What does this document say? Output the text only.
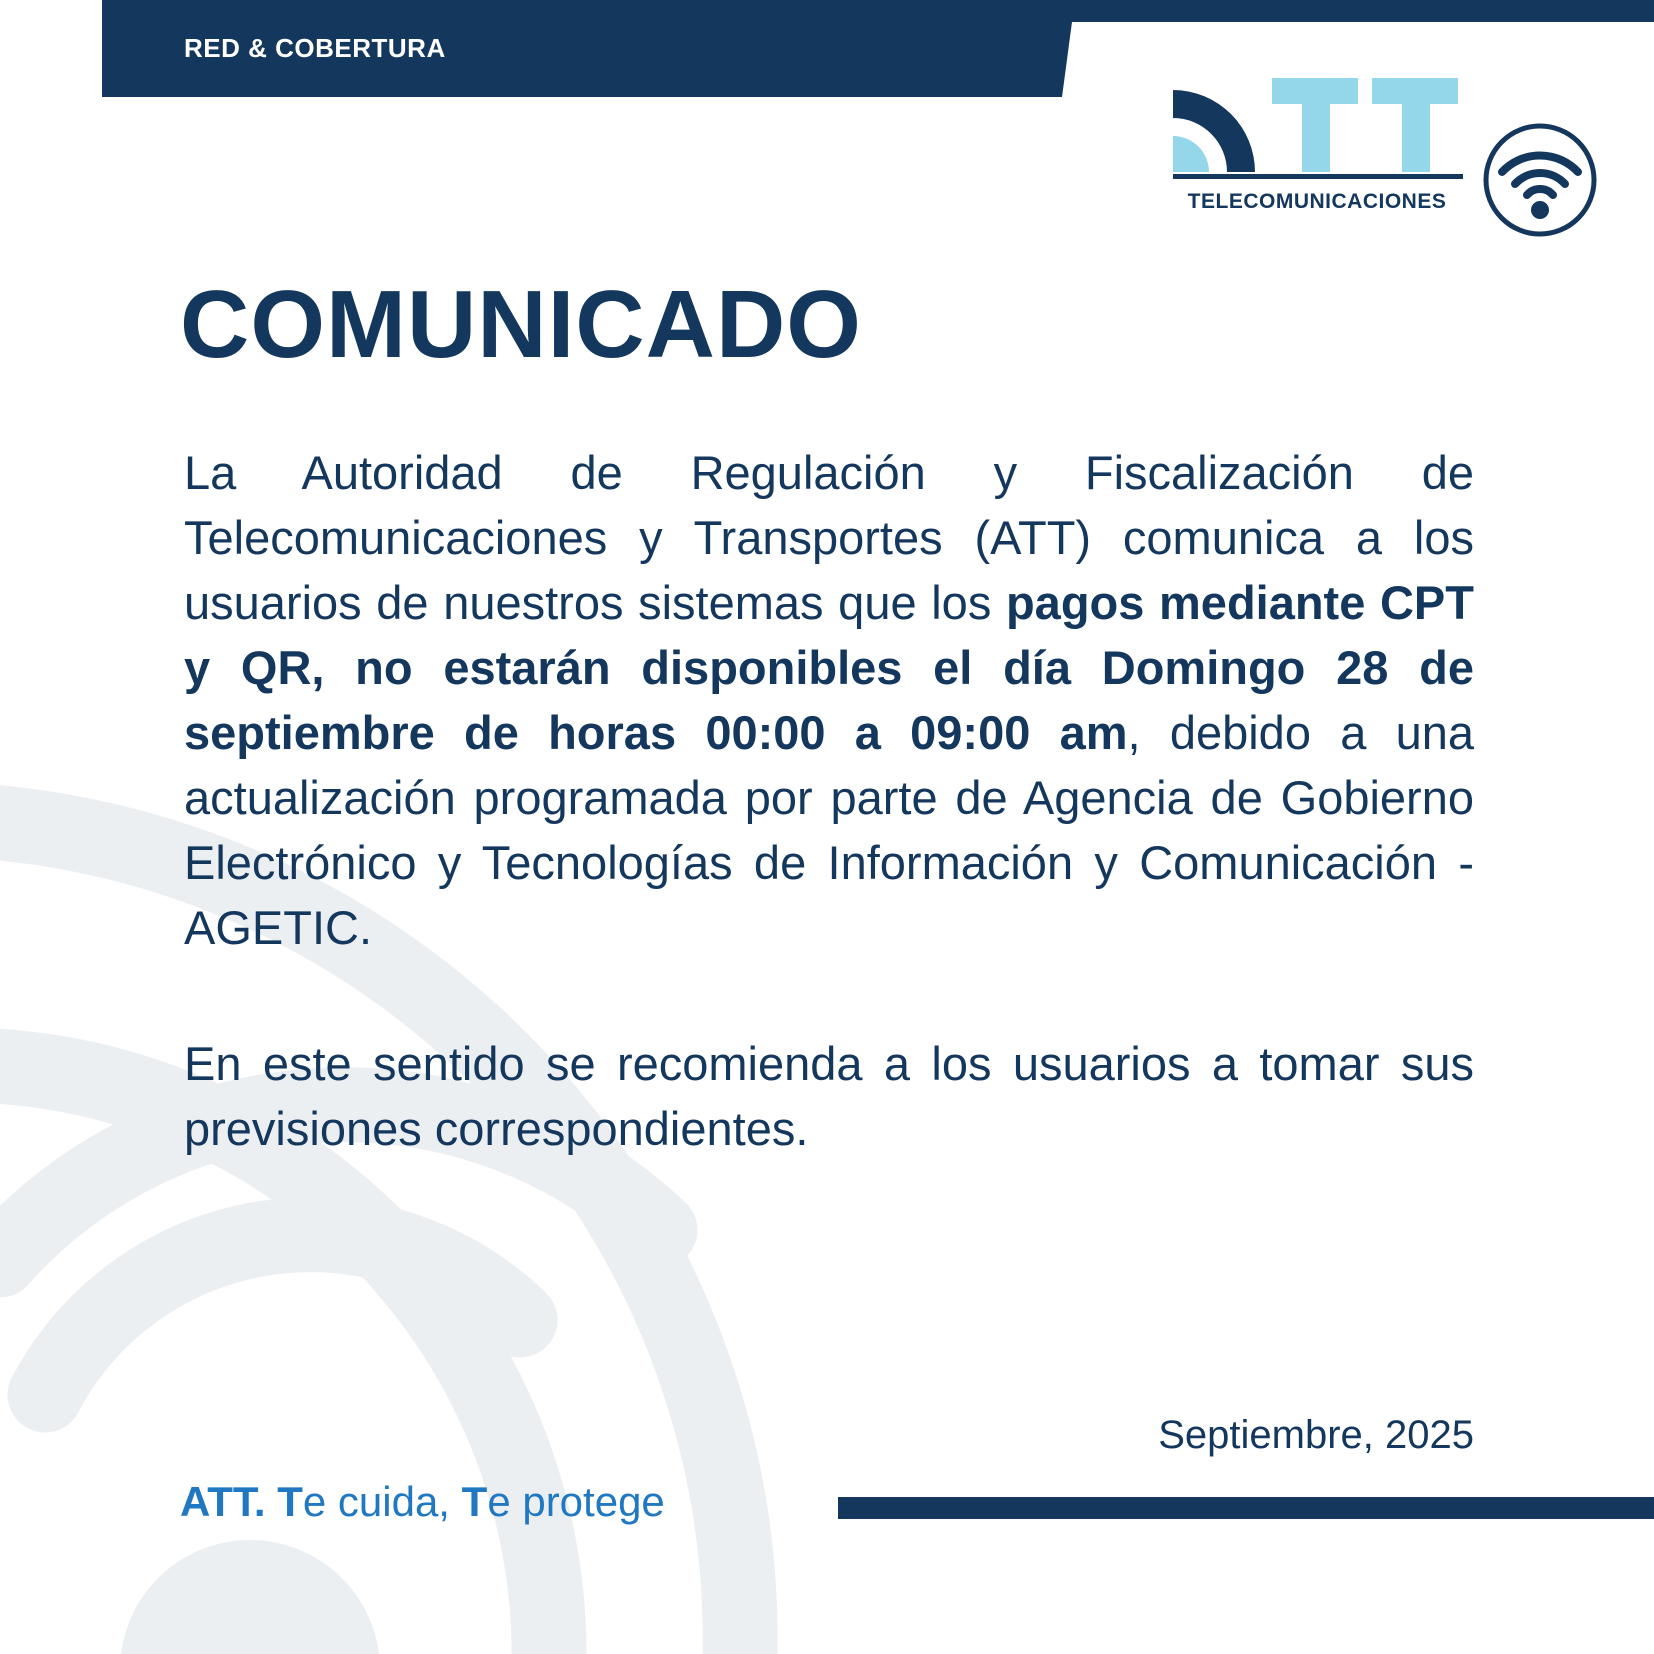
RED & COBERTURA
TELECOMUNICACIONES
COMUNICADO

La Autoridad de Regulación y Fiscalización de Telecomunicaciones y Transportes (ATT) comunica a los usuarios de nuestros sistemas que los pagos mediante CPT y QR, no estarán disponibles el día Domingo 28 de septiembre de horas 00:00 a 09:00 am, debido a una actualización programada por parte de Agencia de Gobierno Electrónico y Tecnologías de Información y Comunicación - AGETIC.

En este sentido se recomienda a los usuarios a tomar sus previsiones correspondientes.

Septiembre, 2025
ATT. Te cuida, Te protege
